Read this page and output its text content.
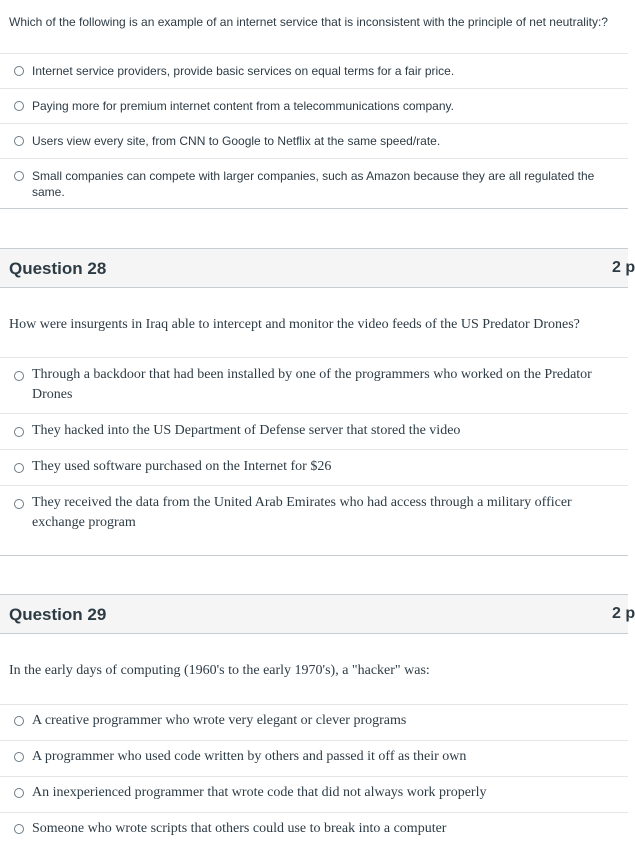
Which of the following is an example of an internet service that is inconsistent with the principle of net neutrality:?
Internet service providers, provide basic services on equal terms for a fair price.
Paying more for premium internet content from a telecommunications company.
Users view every site, from CNN to Google to Netflix at the same speed/rate.
Small companies can compete with larger companies, such as Amazon because they are all regulated the same.
Question 28	2 p
How were insurgents in Iraq able to intercept and monitor the video feeds of the US Predator Drones?
Through a backdoor that had been installed by one of the programmers who worked on the Predator Drones
They hacked into the US Department of Defense server that stored the video
They used software purchased on the Internet for $26
They received the data from the United Arab Emirates who had access through a military officer exchange program
Question 29	2 p
In the early days of computing (1960's to the early 1970's), a "hacker" was:
A creative programmer who wrote very elegant or clever programs
A programmer who used code written by others and passed it off as their own
An inexperienced programmer that wrote code that did not always work properly
Someone who wrote scripts that others could use to break into a computer
